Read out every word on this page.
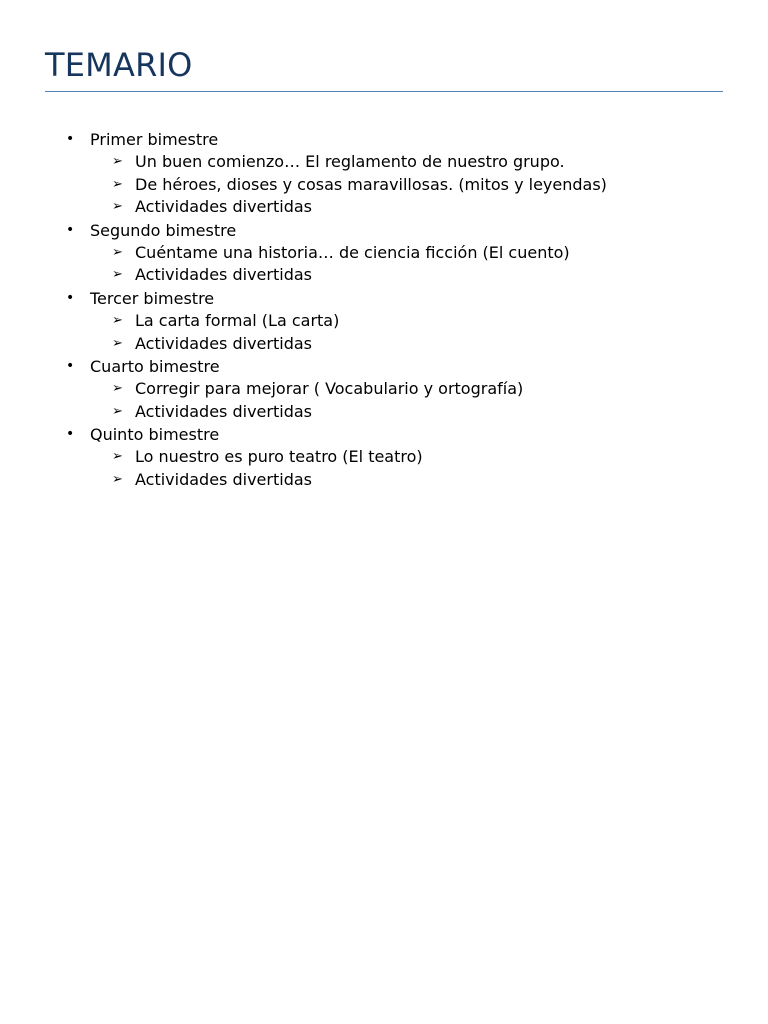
TEMARIO
• Primer bimestre
➢ Un buen comienzo… El reglamento de nuestro grupo.
➢ De héroes, dioses y cosas maravillosas. (mitos y leyendas)
➢ Actividades divertidas
• Segundo bimestre
➢ Cuéntame una historia… de ciencia ficción (El cuento)
➢ Actividades divertidas
• Tercer bimestre
➢ La carta formal (La carta)
➢ Actividades divertidas
• Cuarto bimestre
➢ Corregir para mejorar ( Vocabulario y ortografía)
➢ Actividades divertidas
• Quinto bimestre
➢ Lo nuestro es puro teatro (El teatro)
➢ Actividades divertidas
